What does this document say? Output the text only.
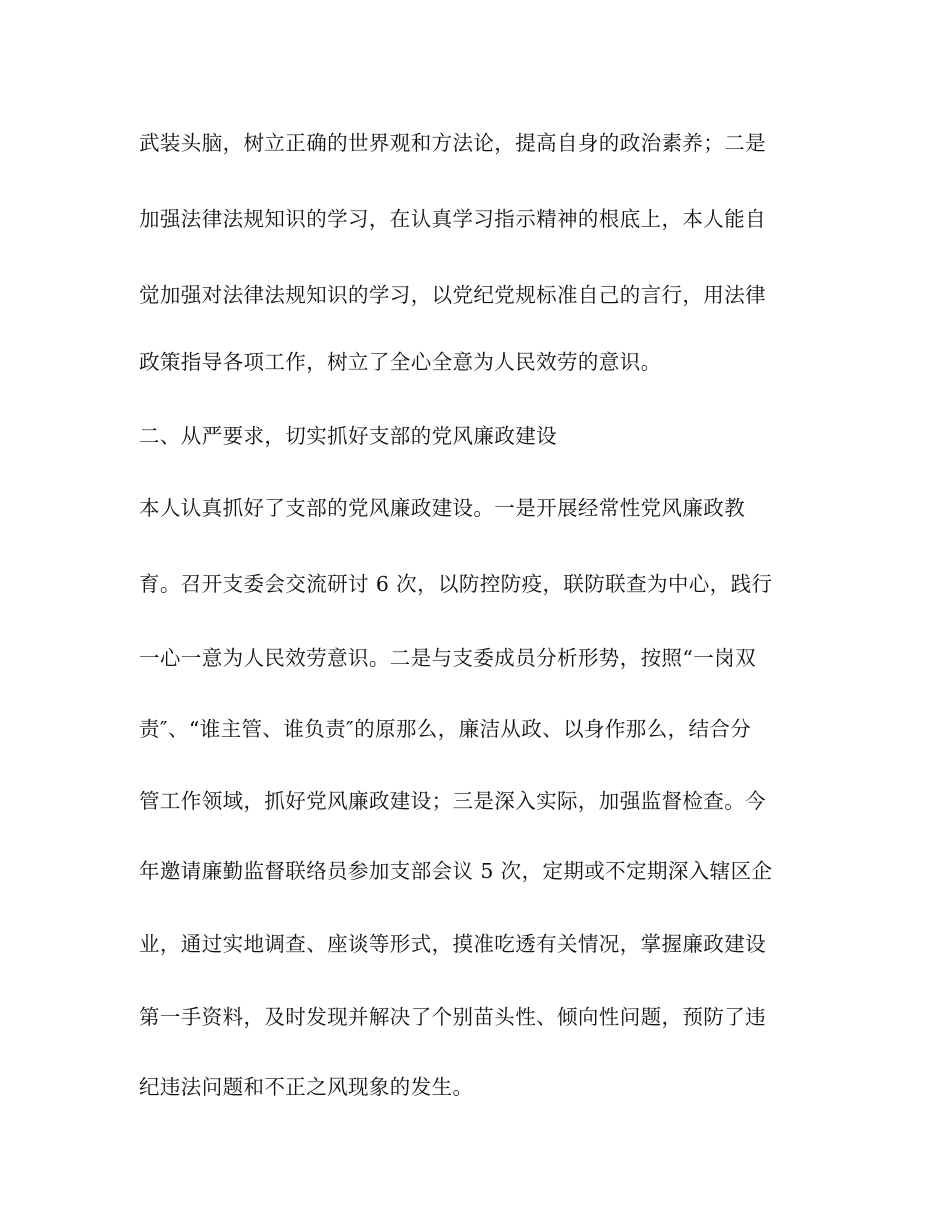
武装头脑，树立正确的世界观和方法论，提高自身的政治素养；二是
加强法律法规知识的学习，在认真学习指示精神的根底上，本人能自
觉加强对法律法规知识的学习，以党纪党规标准自己的言行，用法律
政策指导各项工作，树立了全心全意为人民效劳的意识。
二、从严要求，切实抓好支部的党风廉政建设
本人认真抓好了支部的党风廉政建设。一是开展经常性党风廉政教
育。召开支委会交流研讨 6 次，以防控防疫，联防联查为中心，践行
一心一意为人民效劳意识。二是与支委成员分析形势，按照“一岗双
责″、“谁主管、谁负责″的原那么，廉洁从政、以身作那么，结合分
管工作领域，抓好党风廉政建设；三是深入实际，加强监督检查。今
年邀请廉勤监督联络员参加支部会议 5 次，定期或不定期深入辖区企
业，通过实地调查、座谈等形式，摸准吃透有关情况，掌握廉政建设
第一手资料，及时发现并解决了个别苗头性、倾向性问题，预防了违
纪违法问题和不正之风现象的发生。
